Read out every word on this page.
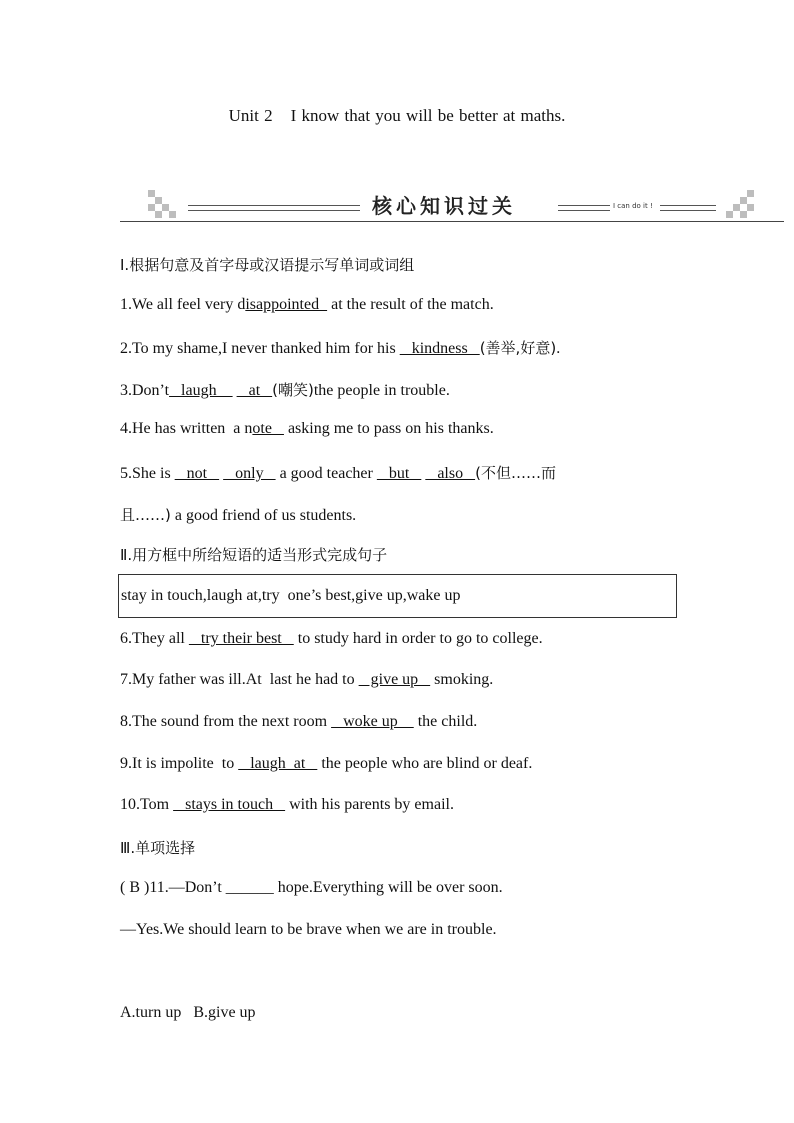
Unit 2 I know that you will be better at maths.
核心知识过关	I can do it !
Ⅰ.根据句意及首字母或汉语提示写单词或词组
1.We all feel very disappointed   at the result of the match.
2.To my shame,I never thanked him for his    kindness   (善举,好意).
3.Don’t   laugh        at   (嘲笑)the people in trouble.
4.He has written  a note    asking me to pass on his thanks.
5.She is    not       only    a good teacher    but       also   (不但……而
且……) a good friend of us students.
Ⅱ.用方框中所给短语的适当形式完成句子
stay in touch,laugh at,try  one’s best,give up,wake up
6.They all    try their best    to study hard in order to go to college.
7.My father was ill.At  last he had to    give up    smoking.
8.The sound from the next room    woke up     the child.
9.It is impolite  to    laugh  at    the people who are blind or deaf.
10.Tom    stays in touch    with his parents by email.
Ⅲ.单项选择
( B )11.—Don’t ______ hope.Everything will be over soon.
—Yes.We should learn to be brave when we are in trouble.
A.turn up   B.give up
